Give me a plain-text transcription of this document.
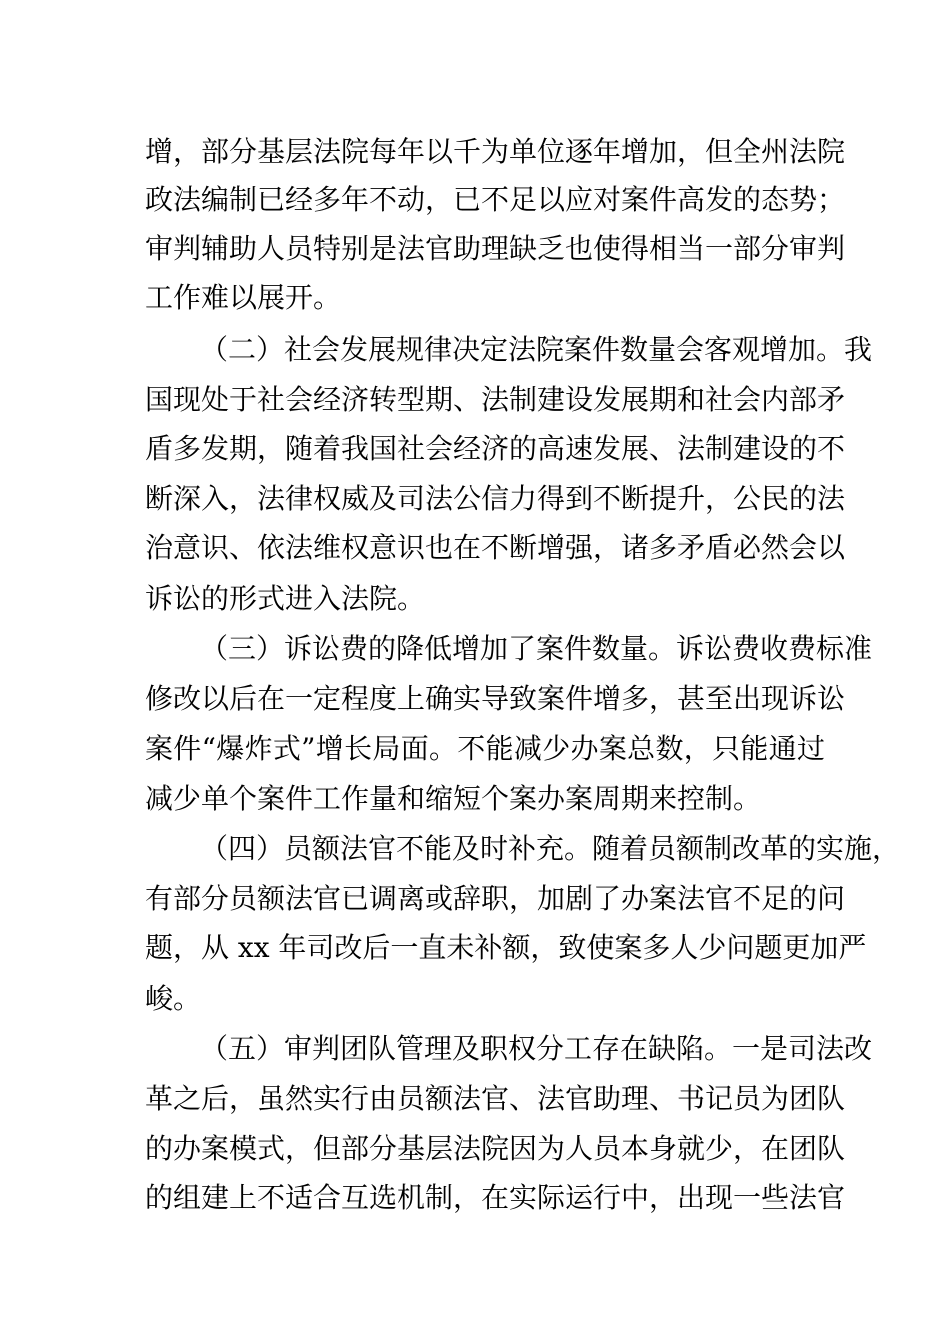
增，部分基层法院每年以千为单位逐年增加，但全州法院
政法编制已经多年不动，已不足以应对案件高发的态势；
审判辅助人员特别是法官助理缺乏也使得相当一部分审判
工作难以展开。
（二）社会发展规律决定法院案件数量会客观增加。我
国现处于社会经济转型期、法制建设发展期和社会内部矛
盾多发期，随着我国社会经济的高速发展、法制建设的不
断深入，法律权威及司法公信力得到不断提升，公民的法
治意识、依法维权意识也在不断增强，诸多矛盾必然会以
诉讼的形式进入法院。
（三）诉讼费的降低增加了案件数量。诉讼费收费标准
修改以后在一定程度上确实导致案件增多，甚至出现诉讼
案件“爆炸式”增长局面。不能减少办案总数，只能通过
减少单个案件工作量和缩短个案办案周期来控制。
（四）员额法官不能及时补充。随着员额制改革的实施，
有部分员额法官已调离或辞职，加剧了办案法官不足的问
题，从 xx 年司改后一直未补额，致使案多人少问题更加严
峻。
（五）审判团队管理及职权分工存在缺陷。一是司法改
革之后，虽然实行由员额法官、法官助理、书记员为团队
的办案模式，但部分基层法院因为人员本身就少，在团队
的组建上不适合互选机制，在实际运行中，出现一些法官
